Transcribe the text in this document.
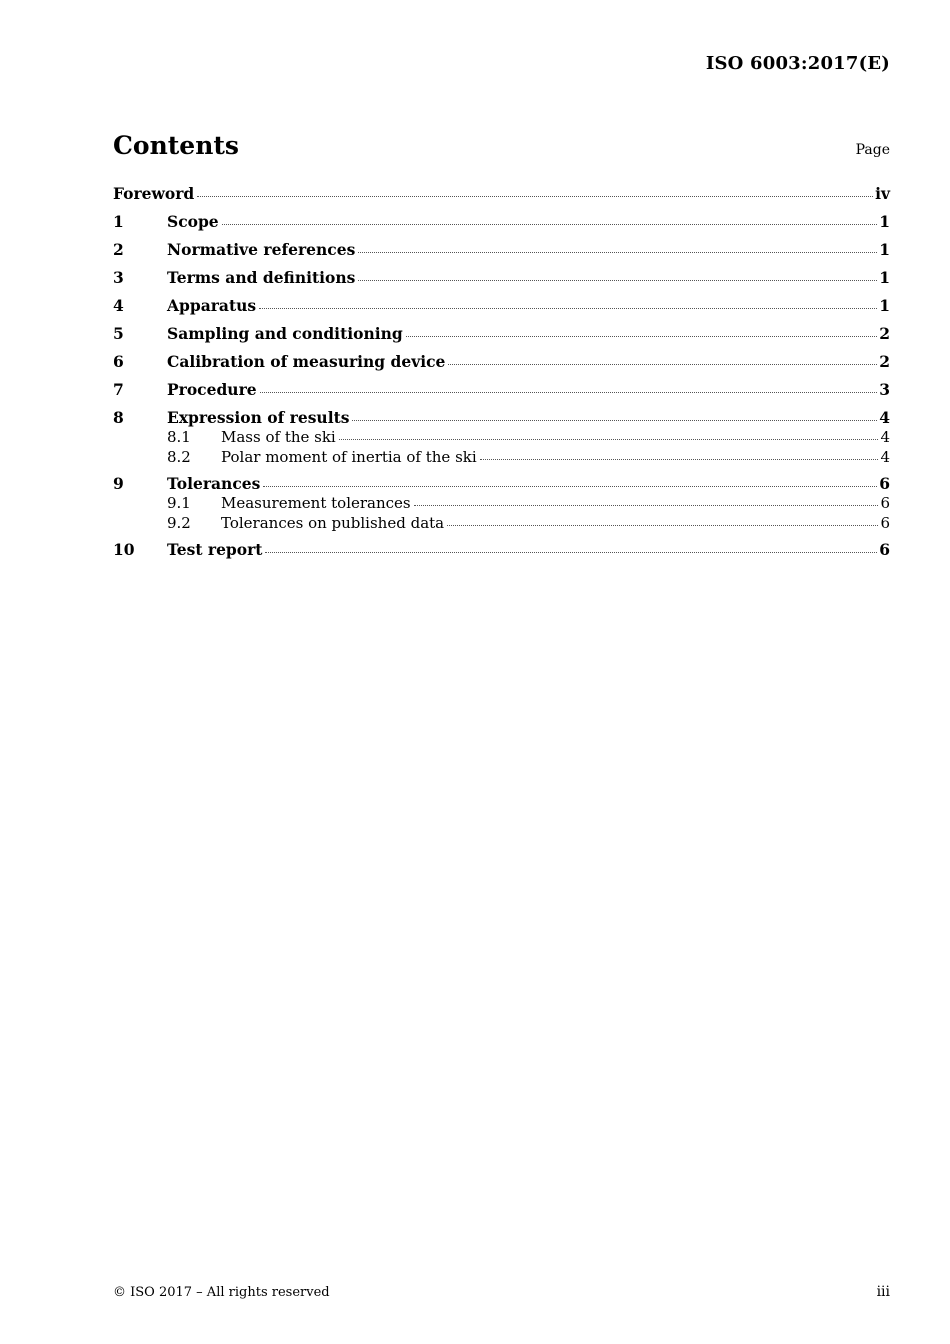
ISO 6003:2017(E)
Contents	Page
Foreword	iv
1	Scope	1
2	Normative references	1
3	Terms and definitions	1
4	Apparatus	1
5	Sampling and conditioning	2
6	Calibration of measuring device	2
7	Procedure	3
8	Expression of results	4
8.1	Mass of the ski	4
8.2	Polar moment of inertia of the ski	4
9	Tolerances	6
9.1	Measurement tolerances	6
9.2	Tolerances on published data	6
10	Test report	6
© ISO 2017 – All rights reserved	iii
